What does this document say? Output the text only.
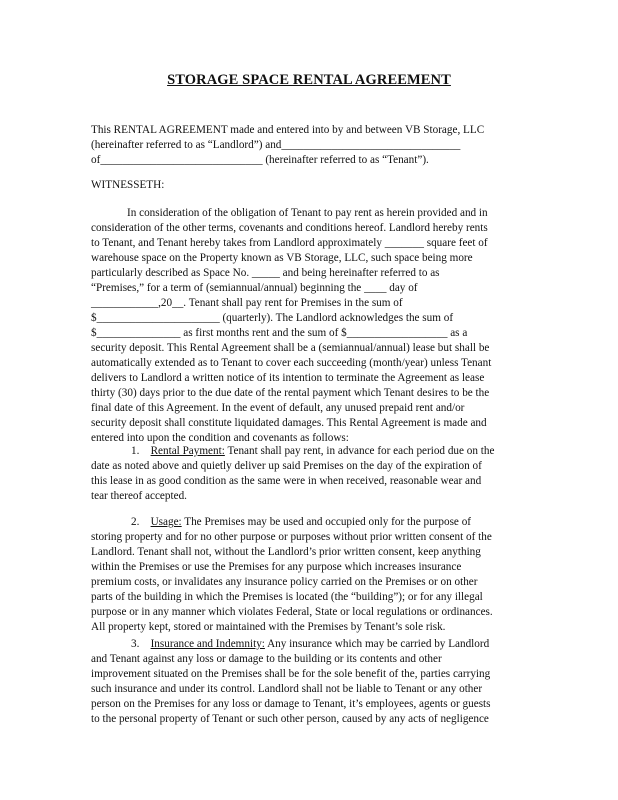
STORAGE SPACE RENTAL AGREEMENT
This RENTAL AGREEMENT made and entered into by and between VB Storage, LLC
(hereinafter referred to as “Landlord”) and________________________________
of_____________________________ (hereinafter referred to as “Tenant”).
WITNESSETH:
In consideration of the obligation of Tenant to pay rent as herein provided and in
consideration of the other terms, covenants and conditions hereof. Landlord hereby rents
to Tenant, and Tenant hereby takes from Landlord approximately _______ square feet of
warehouse space on the Property known as VB Storage, LLC, such space being more
particularly described as Space No. _____ and being hereinafter referred to as
“Premises,” for a term of (semiannual/annual) beginning the ____ day of
____________,20__. Tenant shall pay rent for Premises in the sum of
$______________________ (quarterly). The Landlord acknowledges the sum of
$_______________ as first months rent and the sum of $__________________ as a
security deposit. This Rental Agreement shall be a (semiannual/annual) lease but shall be
automatically extended as to Tenant to cover each succeeding (month/year) unless Tenant
delivers to Landlord a written notice of its intention to terminate the Agreement as lease
thirty (30) days prior to the due date of the rental payment which Tenant desires to be the
final date of this Agreement. In the event of default, any unused prepaid rent and/or
security deposit shall constitute liquidated damages. This Rental Agreement is made and
entered into upon the condition and covenants as follows:
1. Rental Payment: Tenant shall pay rent, in advance for each period due on the
date as noted above and quietly deliver up said Premises on the day of the expiration of
this lease in as good condition as the same were in when received, reasonable wear and
tear thereof accepted.
2. Usage: The Premises may be used and occupied only for the purpose of
storing property and for no other purpose or purposes without prior written consent of the
Landlord. Tenant shall not, without the Landlord’s prior written consent, keep anything
within the Premises or use the Premises for any purpose which increases insurance
premium costs, or invalidates any insurance policy carried on the Premises or on other
parts of the building in which the Premises is located (the “building”); or for any illegal
purpose or in any manner which violates Federal, State or local regulations or ordinances.
All property kept, stored or maintained with the Premises by Tenant’s sole risk.
3. Insurance and Indemnity: Any insurance which may be carried by Landlord
and Tenant against any loss or damage to the building or its contents and other
improvement situated on the Premises shall be for the sole benefit of the, parties carrying
such insurance and under its control. Landlord shall not be liable to Tenant or any other
person on the Premises for any loss or damage to Tenant, it’s employees, agents or guests
to the personal property of Tenant or such other person, caused by any acts of negligence
